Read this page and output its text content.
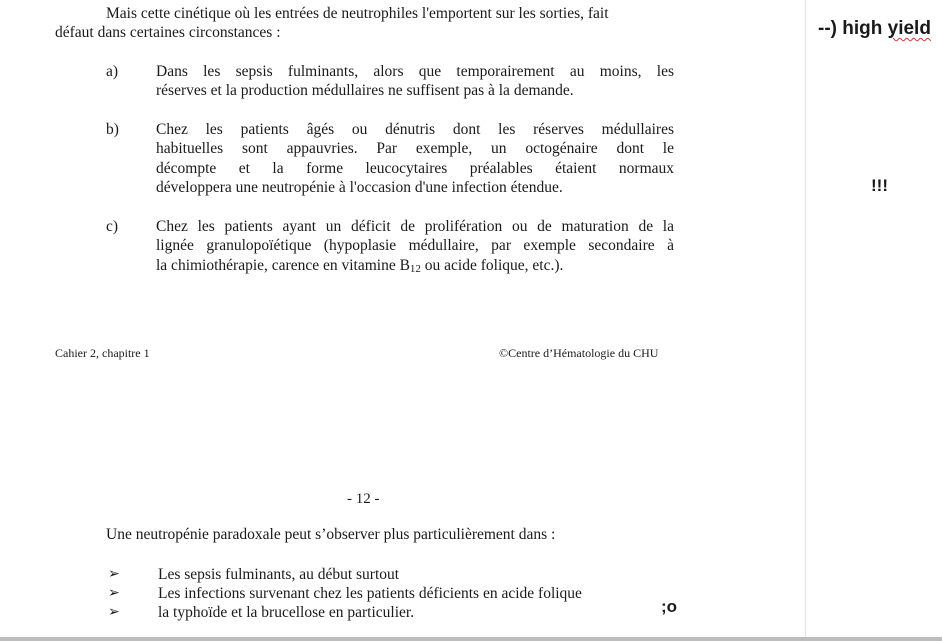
Mais cette cinétique où les entrées de neutrophiles l'emportent sur les sorties, fait
défaut dans certaines circonstances :
a) Dans les sepsis fulminants, alors que temporairement au moins, les
réserves et la production médullaires ne suffisent pas à la demande.
b) Chez les patients âgés ou dénutris dont les réserves médullaires
habituelles sont appauvries. Par exemple, un octogénaire dont le
décompte et la forme leucocytaires préalables étaient normaux
développera une neutropénie à l'occasion d'une infection étendue.
c) Chez les patients ayant un déficit de prolifération ou de maturation de la
lignée granulopoïétique (hypoplasie médullaire, par exemple secondaire à
la chimiothérapie, carence en vitamine $B_{12}$ ou acide folique, etc.).
Cahier 2, chapitre 1	©Centre d’Hématologie du CHU
- 12 -
Une neutropénie paradoxale peut s’observer plus particulièrement dans :
➢ Les sepsis fulminants, au début surtout
➢ Les infections survenant chez les patients déficients en acide folique
➢ la typhoïde et la brucellose en particulier.	;o
--) high yield
!!!
